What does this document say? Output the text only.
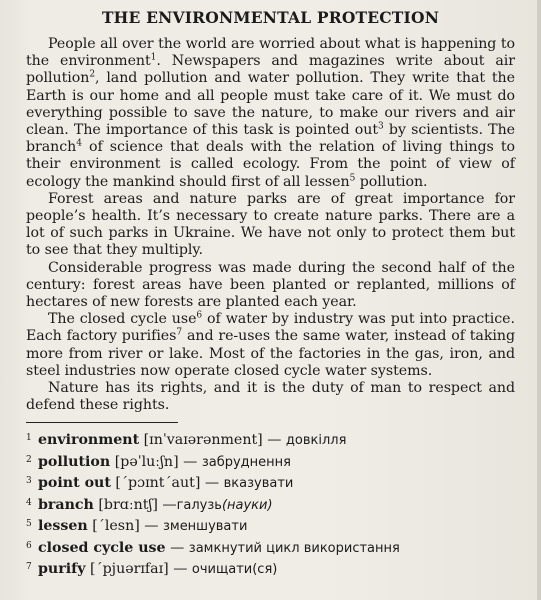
THE ENVIRONMENTAL PROTECTION

People all over the world are worried about what is happening to the environment$^1$. Newspapers and magazines write about air pollution$^2$, land pollution and water pollution. They write that the Earth is our home and all people must take care of it. We must do everything possible to save the nature, to make our rivers and air clean. The importance of this task is pointed out$^3$ by scientists. The branch$^4$ of science that deals with the relation of living things to their environment is called ecology. From the point of view of ecology the mankind should first of all lessen$^5$ pollution.

Forest areas and nature parks are of great importance for people’s health. It’s necessary to create nature parks. There are a lot of such parks in Ukraine. We have not only to protect them but to see that they multiply.

Considerable progress was made during the second half of the century: forest areas have been planted or replanted, millions of hectares of new forests are planted each year.

The closed cycle use$^6$ of water by industry was put into practice. Each factory purifies$^7$ and re-uses the same water, instead of taking more from river or lake. Most of the factories in the gas, iron, and steel industries now operate closed cycle water systems.

Nature has its rights, and it is the duty of man to respect and defend these rights.

1 environment [ɪnˈvaɪərənment] — довкілля
2 pollution [pəˈluːʃn] — забруднення
3 point out [ˊpɔɪntˊaut] — вказувати
4 branch [brɑːntʃ] — галузь (науки)
5 lessen [ˊlesn] — зменшувати
6 closed cycle use — замкнутий цикл використання
7 purify [ˊpjuərɪfaɪ] — очищати(ся)
